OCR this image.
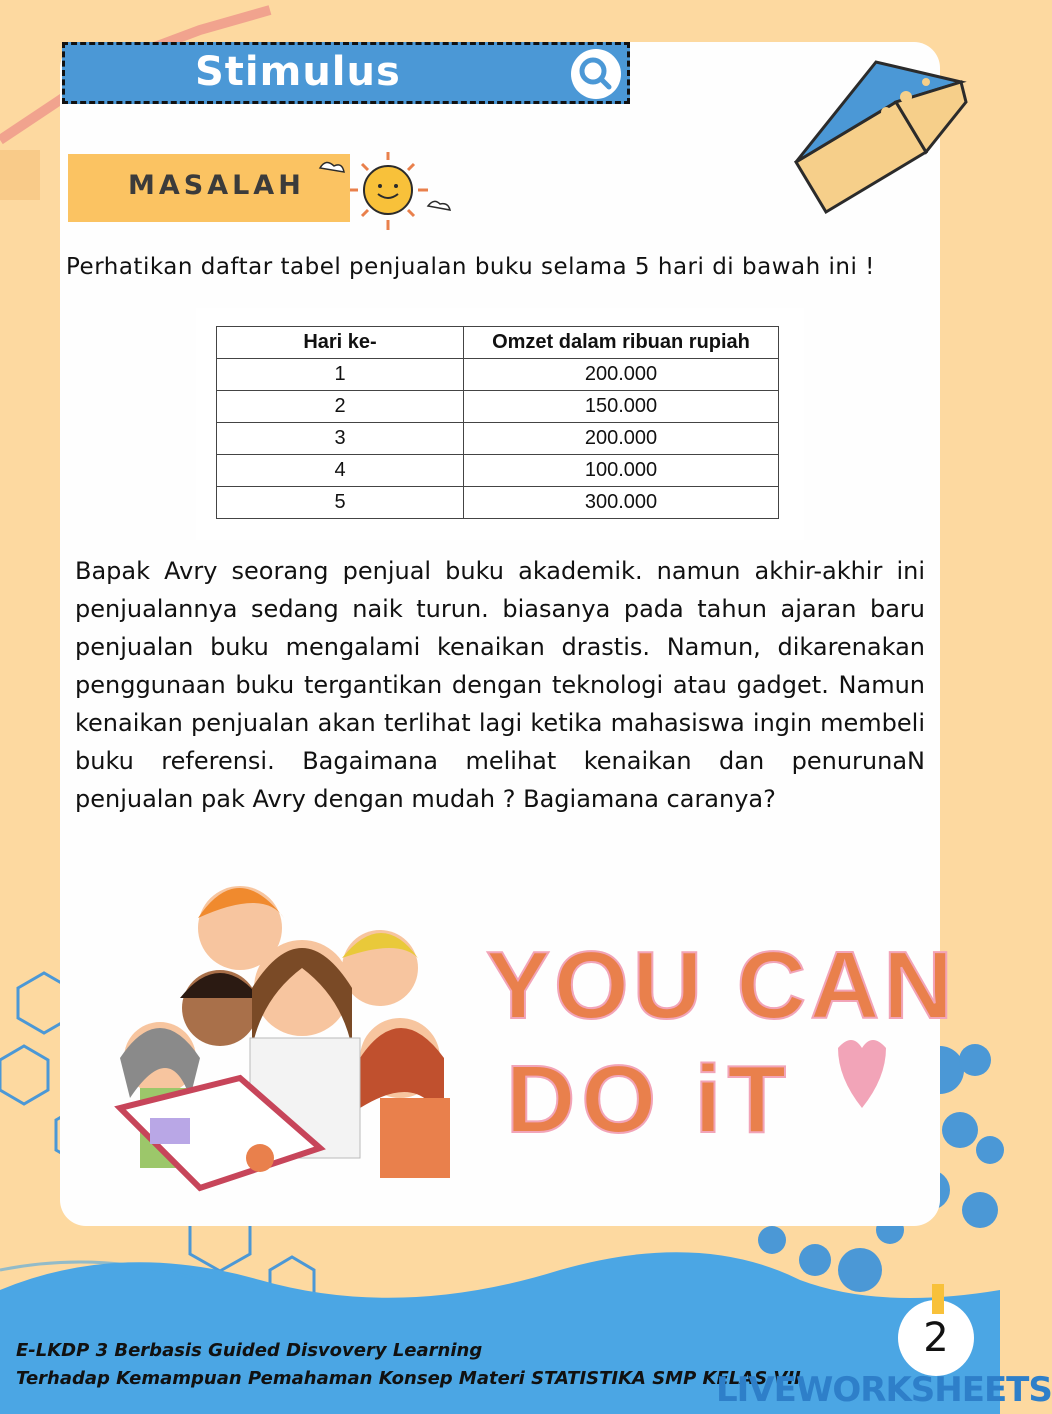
Stimulus
MASALAH
Perhatikan daftar tabel penjualan buku selama 5 hari di bawah ini !
Hari ke-	Omzet dalam ribuan rupiah
1	200.000
2	150.000
3	200.000
4	100.000
5	300.000
Bapak Avry seorang penjual buku akademik. namun akhir-akhir ini penjualannya sedang naik turun. biasanya pada tahun ajaran baru penjualan buku mengalami kenaikan drastis. Namun, dikarenakan penggunaan buku tergantikan dengan teknologi atau gadget. Namun kenaikan penjualan akan terlihat lagi ketika mahasiswa ingin membeli buku referensi. Bagaimana melihat kenaikan dan penurunaN penjualan pak Avry dengan mudah ? Bagiamana caranya?
YOU CAN
DO iT
E-LKDP 3 Berbasis Guided Disvovery Learning
Terhadap Kemampuan Pemahaman Konsep Materi STATISTIKA SMP KELAS VII
2
LIVEWORKSHEETS
